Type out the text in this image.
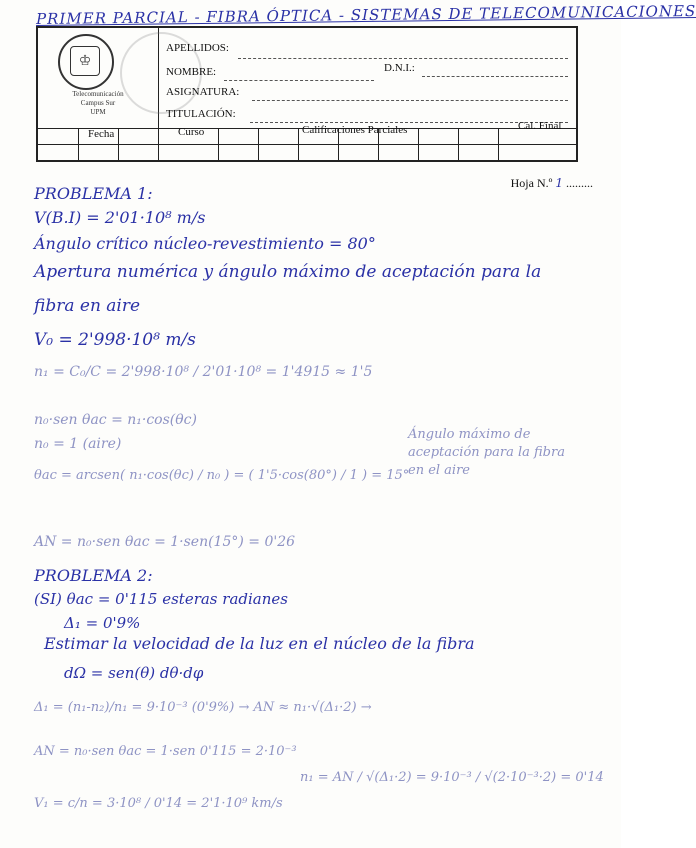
PRIMER PARCIAL - FIBRA ÓPTICA - SISTEMAS DE TELECOMUNICACIONES
♔
Telecomunicación
Campus Sur
UPM
APELLIDOS:
NOMBRE:	D.N.I.:
ASIGNATURA:
TITULACIÓN:
Fecha	Curso	Calificaciones Parciales	Cal. Final
Hoja N.º 1 .........
PROBLEMA 1:
V(B.I) = 2'01·10⁸ m/s
Ángulo crítico núcleo-revestimiento = 80°
Apertura numérica y ángulo máximo de aceptación para la
fibra en aire
V₀ = 2'998·10⁸ m/s
n₁ = C₀/C = 2'998·10⁸ / 2'01·10⁸ = 1'4915 ≈ 1'5
n₀·sen θac = n₁·cos(θc)
n₀ = 1 (aire)
θac = arcsen( n₁·cos(θc) / n₀ ) = ( 1'5·cos(80°) / 1 ) = 15°
Ángulo máximo de aceptación para la fibra en el aire
AN = n₀·sen θac = 1·sen(15°) = 0'26
PROBLEMA 2:
(SI) θac = 0'115 esteras radianes
Δ₁ = 0'9%
Estimar la velocidad de la luz en el núcleo de la fibra
dΩ = sen(θ) dθ·dφ
Δ₁ = (n₁-n₂)/n₁ = 9·10⁻³ (0'9%) → AN ≈ n₁·√(Δ₁·2) →
AN = n₀·sen θac = 1·sen 0'115 = 2·10⁻³
n₁ = AN / √(Δ₁·2) = 9·10⁻³ / √(2·10⁻³·2) = 0'14
V₁ = c/n = 3·10⁸ / 0'14 = 2'1·10⁹ km/s
